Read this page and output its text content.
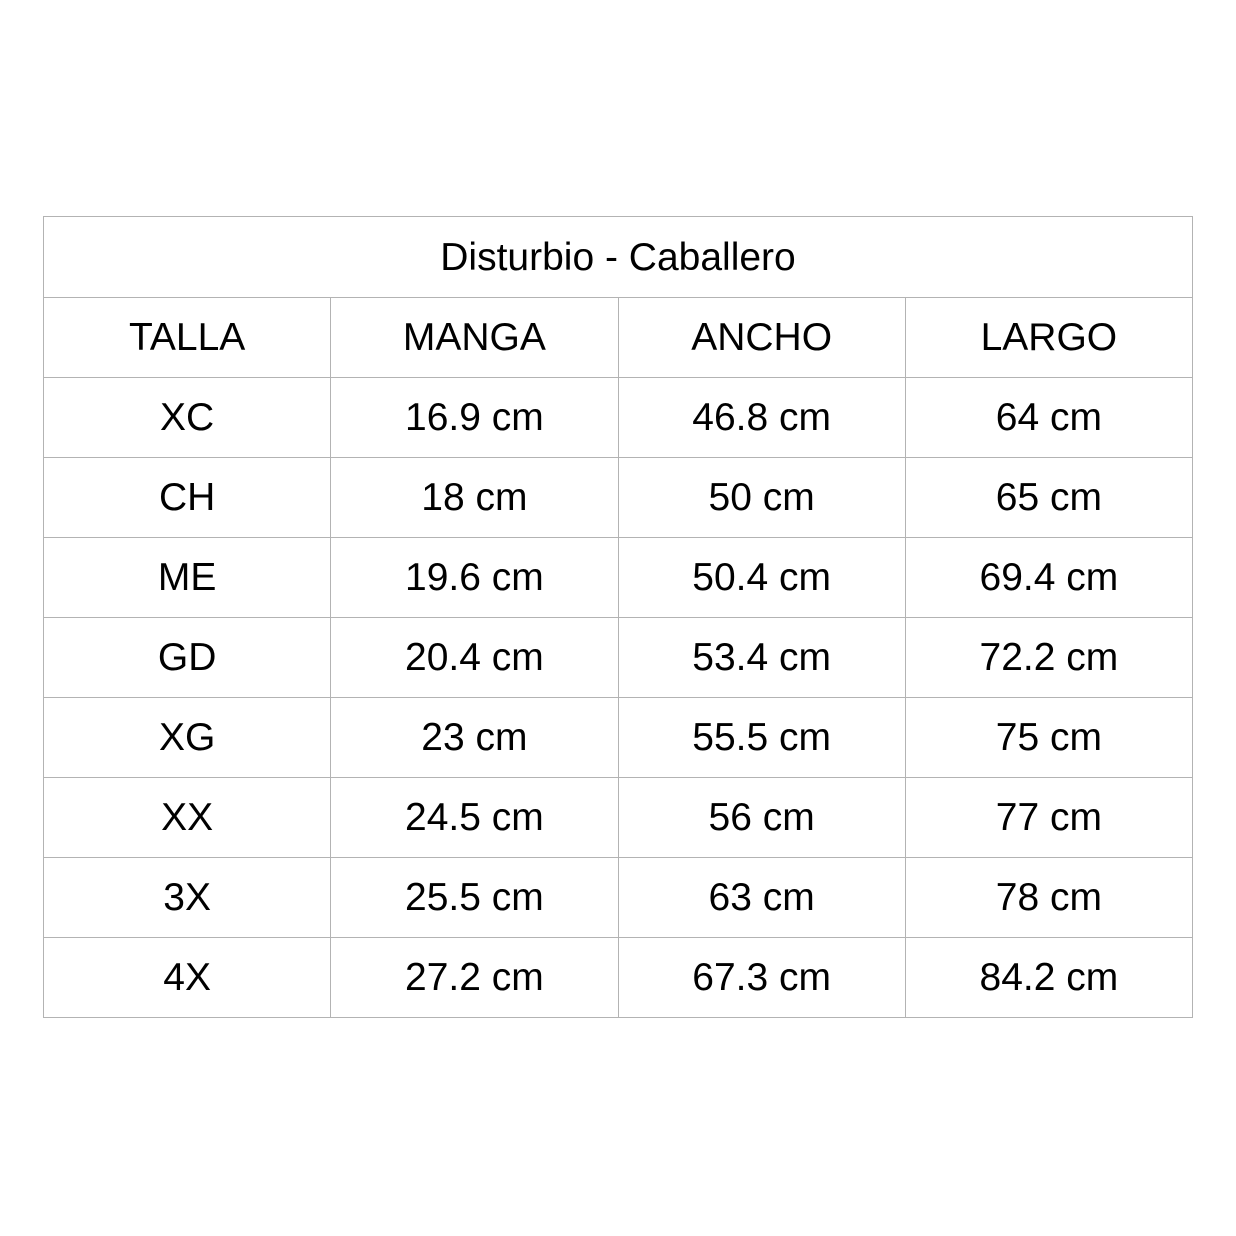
Disturbio - Caballero			
TALLA	MANGA	ANCHO	LARGO
XC	16.9 cm	46.8 cm	64 cm
CH	18 cm	50 cm	65 cm
ME	19.6 cm	50.4 cm	69.4 cm
GD	20.4 cm	53.4 cm	72.2 cm
XG	23 cm	55.5 cm	75 cm
XX	24.5 cm	56 cm	77 cm
3X	25.5 cm	63 cm	78 cm
4X	27.2 cm	67.3 cm	84.2 cm
